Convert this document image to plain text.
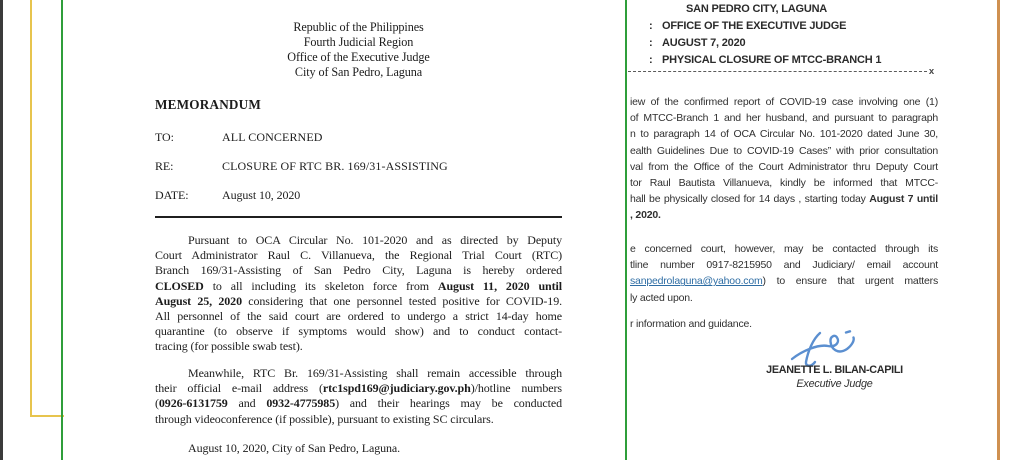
Republic of the Philippines
Fourth Judicial Region
Office of the Executive Judge
City of San Pedro, Laguna
MEMORANDUM
TO:	ALL CONCERNED
RE:	CLOSURE OF RTC BR. 169/31-ASSISTING
DATE:	August 10, 2020
Pursuant to OCA Circular No. 101-2020 and as directed by Deputy
Court Administrator Raul C. Villanueva, the Regional Trial Court (RTC)
Branch 169/31-Assisting of San Pedro City, Laguna is hereby ordered
CLOSED to all including its skeleton force from August 11, 2020 until
August 25, 2020 considering that one personnel tested positive for COVID-19.
All personnel of the said court are ordered to undergo a strict 14-day home
quarantine (to observe if symptoms would show) and to conduct contact-
tracing (for possible swab test).
Meanwhile, RTC Br. 169/31-Assisting shall remain accessible through
their official e-mail address (rtc1spd169@judiciary.gov.ph)/hotline numbers
(0926-6131759 and 0932-4775985) and their hearings may be conducted
through videoconference (if possible), pursuant to existing SC circulars.
August 10, 2020, City of San Pedro, Laguna.
SAN PEDRO CITY, LAGUNA
: OFFICE OF THE EXECUTIVE JUDGE
: AUGUST 7, 2020
: PHYSICAL CLOSURE OF MTCC-BRANCH 1
x
iew of the confirmed report of COVID-19 case involving one (1)
of MTCC-Branch 1 and her husband, and pursuant to paragraph
n to paragraph 14 of OCA Circular No. 101-2020 dated June 30,
ealth Guidelines Due to COVID-19 Cases” with prior consultation
val from the Office of the Court Administrator thru Deputy Court
tor Raul Bautista Villanueva, kindly be informed that MTCC-
hall be physically closed for 14 days , starting today August 7 until
, 2020.
e concerned court, however, may be contacted through its
tline number 0917-8215950 and Judiciary/ email account
sanpedrolaguna@yahoo.com) to ensure that urgent matters
ly acted upon.
r information and guidance.
JEANETTE L. BILAN-CAPILI
Executive Judge
